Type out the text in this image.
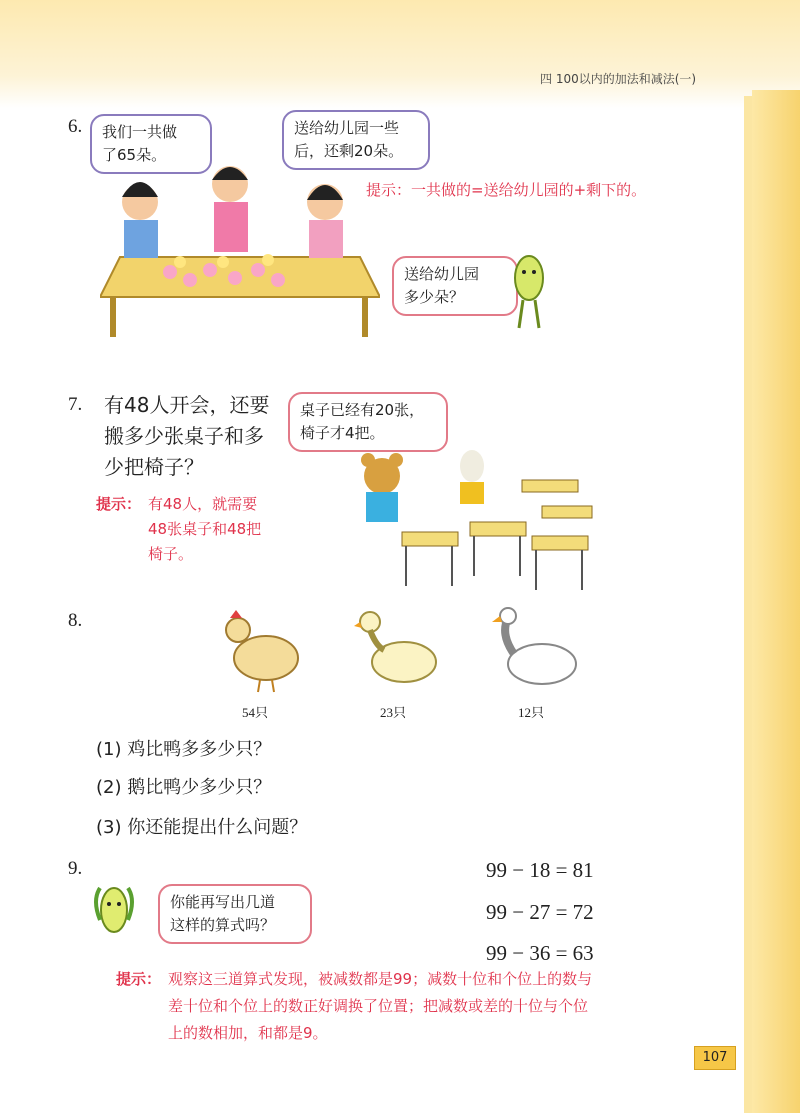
四 100以内的加法和减法(一)
6. 我们一共做
了65朵。
送给幼儿园一些
后，还剩20朵。
提示：一共做的=送给幼儿园的+剩下的。
送给幼儿园
多少朵？
7. 有48人开会，还要
搬多少张桌子和多
少把椅子？
桌子已经有20张，
椅子才4把。
提示： 有48人，就需要
48张桌子和48把
椅子。
8.
54只	23只	12只
(1) 鸡比鸭多多少只？
(2) 鹅比鸭少多少只？
(3) 你还能提出什么问题？
9.
你能再写出几道
这样的算式吗？
99 − 18 = 81
99 − 27 = 72
99 − 36 = 63
提示： 观察这三道算式发现，被减数都是99；减数十位和个位上的数与
差十位和个位上的数正好调换了位置；把减数或差的十位与个位
上的数相加，和都是9。
107
